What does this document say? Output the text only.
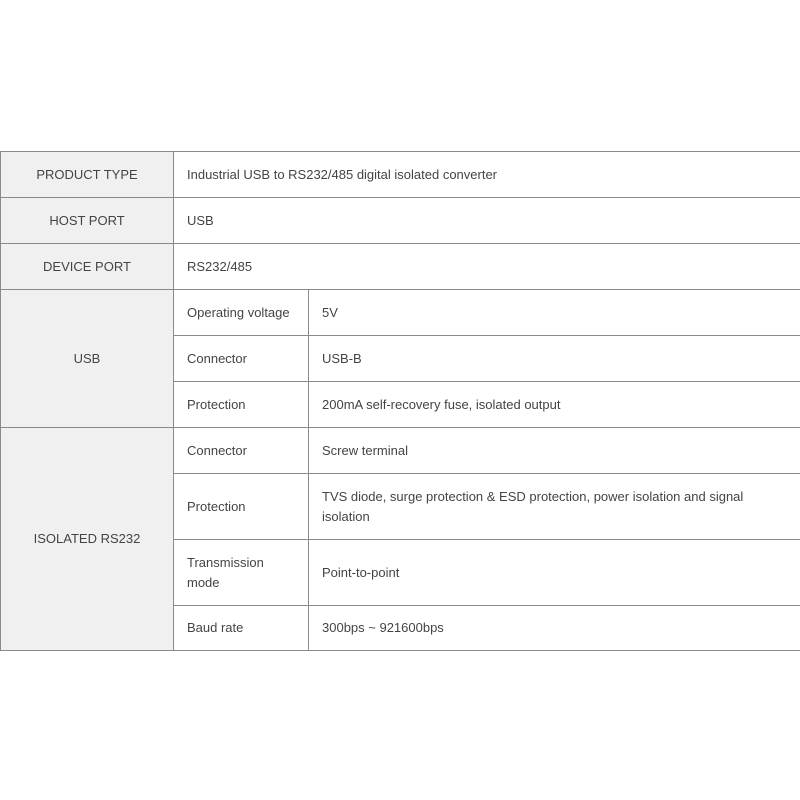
PRODUCT TYPE	Industrial USB to RS232/485 digital isolated converter	
HOST PORT	USB	
DEVICE PORT	RS232/485	
USB	Operating voltage	5V
	Connector	USB-B
	Protection	200mA self-recovery fuse, isolated output
ISOLATED RS232	Connector	Screw terminal
	Protection	TVS diode, surge protection & ESD protection, power isolation and signal isolation
	Transmission mode	Point-to-point
	Baud rate	300bps ~ 921600bps
